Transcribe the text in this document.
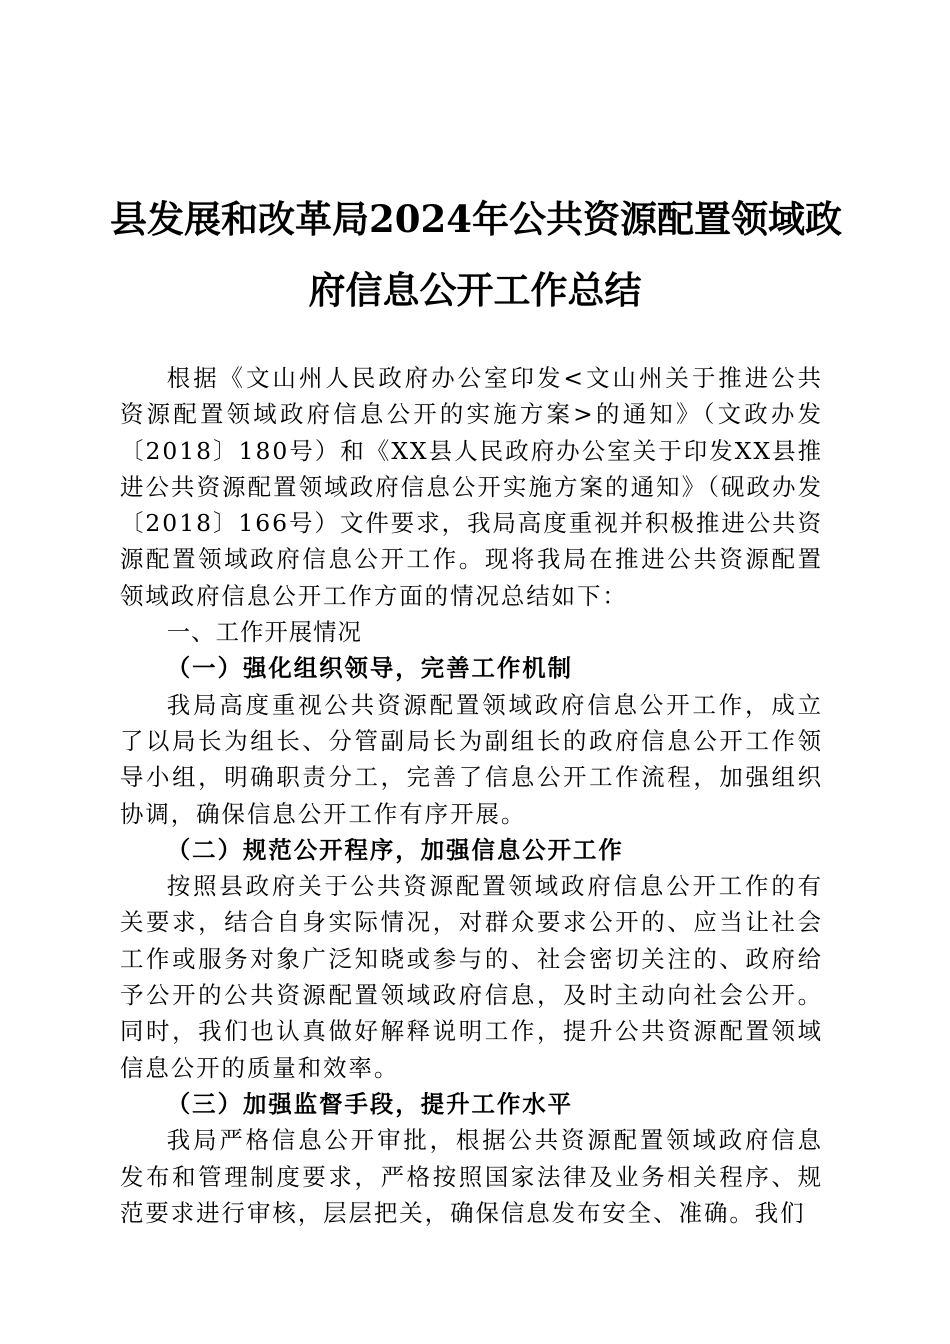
县发展和改革局2024年公共资源配置领域政
府信息公开工作总结

根据《文山州人民政府办公室印发<文山州关于推进公共资源配置领域政府信息公开的实施方案>的通知》（文政办发〔2018〕180号）和《XX县人民政府办公室关于印发XX县推进公共资源配置领域政府信息公开实施方案的通知》（砚政办发〔2018〕166号）文件要求，我局高度重视并积极推进公共资源配置领域政府信息公开工作。现将我局在推进公共资源配置领域政府信息公开工作方面的情况总结如下：

一、工作开展情况

（一）强化组织领导，完善工作机制

我局高度重视公共资源配置领域政府信息公开工作，成立了以局长为组长、分管副局长为副组长的政府信息公开工作领导小组，明确职责分工，完善了信息公开工作流程，加强组织协调，确保信息公开工作有序开展。

（二）规范公开程序，加强信息公开工作

按照县政府关于公共资源配置领域政府信息公开工作的有关要求，结合自身实际情况，对群众要求公开的、应当让社会工作或服务对象广泛知晓或参与的、社会密切关注的、政府给予公开的公共资源配置领域政府信息，及时主动向社会公开。同时，我们也认真做好解释说明工作，提升公共资源配置领域信息公开的质量和效率。

（三）加强监督手段，提升工作水平

我局严格信息公开审批，根据公共资源配置领域政府信息发布和管理制度要求，严格按照国家法律及业务相关程序、规范要求进行审核，层层把关，确保信息发布安全、准确。我们
